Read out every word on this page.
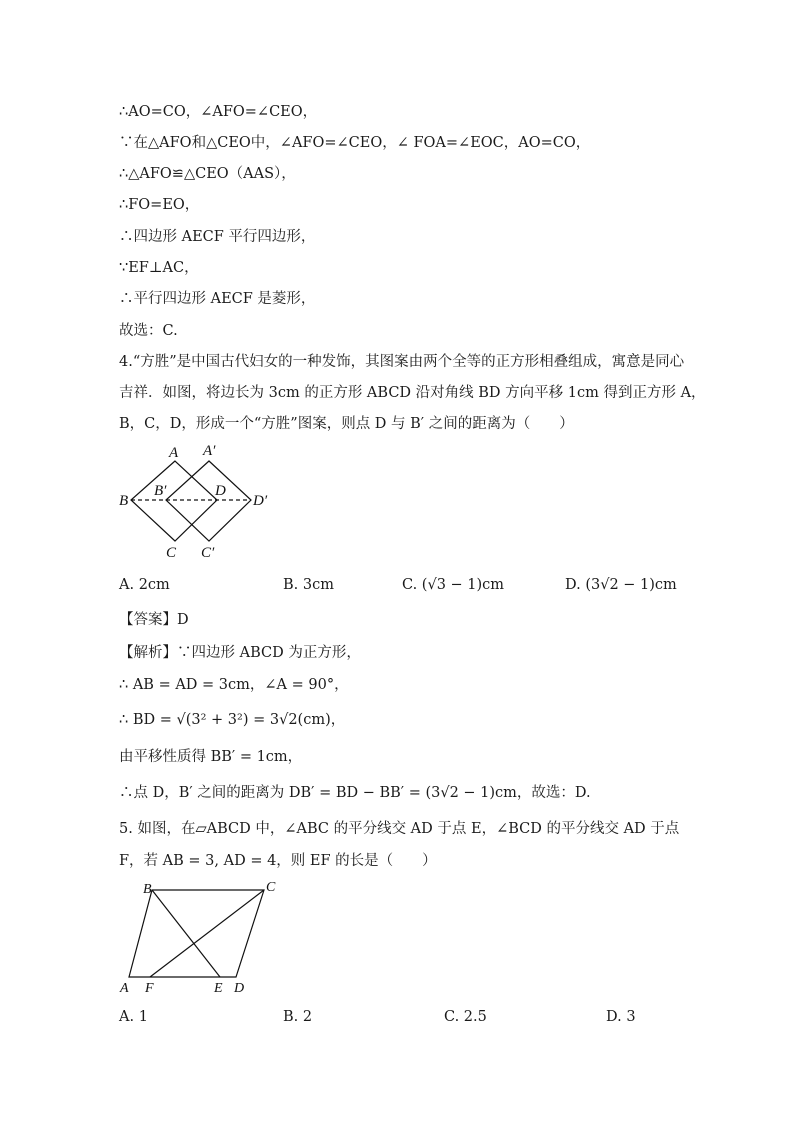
∴AO=CO，∠AFO=∠CEO，
∵在△AFO和△CEO中，∠AFO=∠CEO，∠ FOA=∠EOC，AO=CO，
∴△AFO≌△CEO（AAS），
∴FO=EO，
∴四边形 AECF 平行四边形，
∵EF⊥AC，
∴平行四边形 AECF 是菱形，
故选：C.
4.“方胜”是中国古代妇女的一种发饰，其图案由两个全等的正方形相叠组成，寓意是同心
吉祥．如图，将边长为 3cm 的正方形 ABCD 沿对角线 BD 方向平移 1cm 得到正方形 A，
B，C，D，形成一个“方胜”图案，则点 D 与 B′ 之间的距离为（　　）
A A′
B
B′	D
D′
C C′
A. 2cm	B. 3cm	C. (√3 − 1)cm	D. (3√2 − 1)cm
【答案】D
【解析】∵四边形 ABCD 为正方形，
∴ AB = AD = 3cm，∠A = 90°，
∴ BD = √(3² + 3²) = 3√2(cm)，
由平移性质得 BB′ = 1cm，
∴点 D，B′ 之间的距离为 DB′ = BD − BB′ = (3√2 − 1)cm，故选：D.
5. 如图，在▱ABCD 中，∠ABC 的平分线交 AD 于点 E，∠BCD 的平分线交 AD 于点
F，若 AB = 3, AD = 4，则 EF 的长是（　　）
B	C
A F	E D
A. 1	B. 2	C. 2.5	D. 3
